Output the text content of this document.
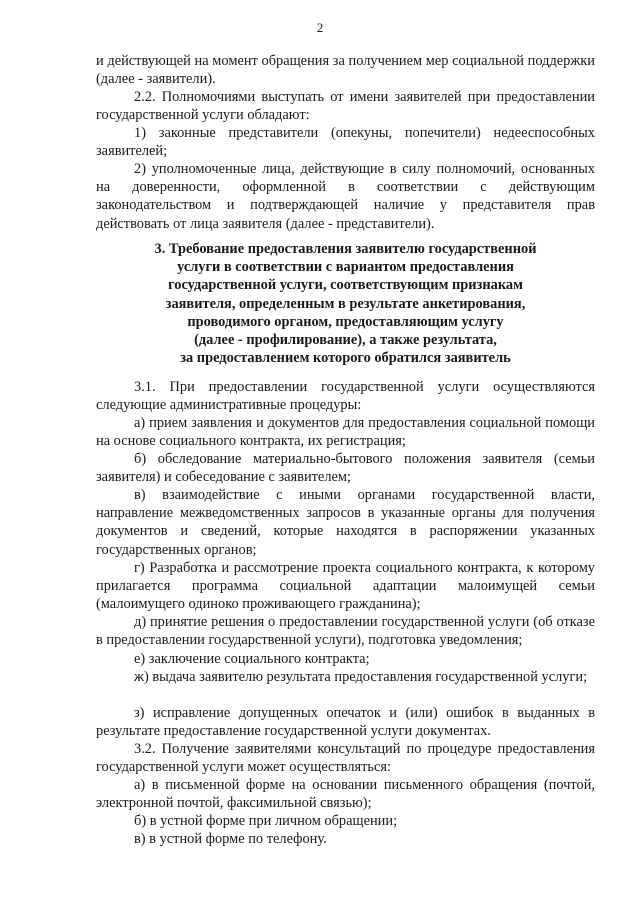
2

и действующей на момент обращения за получением мер социальной поддержки (далее - заявители).

2.2. Полномочиями выступать от имени заявителей при предоставлении государственной услуги обладают:

1) законные представители (опекуны, попечители) недееспособных заявителей;

2) уполномоченные лица, действующие в силу полномочий, основанных на доверенности, оформленной в соответствии с действующим законодательством и подтверждающей наличие у представителя прав действовать от лица заявителя (далее - представители).

3. Требование предоставления заявителю государственной
услуги в соответствии с вариантом предоставления
государственной услуги, соответствующим признакам
заявителя, определенным в результате анкетирования,
проводимого органом, предоставляющим услугу
(далее - профилирование), а также результата,
за предоставлением которого обратился заявитель

3.1. При предоставлении государственной услуги осуществляются следующие административные процедуры:

а) прием заявления и документов для предоставления социальной помощи на основе социального контракта, их регистрация;

б) обследование материально-бытового положения заявителя (семьи заявителя) и собеседование с заявителем;

в) взаимодействие с иными органами государственной власти, направление межведомственных запросов в указанные органы для получения документов и сведений, которые находятся в распоряжении указанных государственных органов;

г) Разработка и рассмотрение проекта социального контракта, к которому прилагается программа социальной адаптации малоимущей семьи (малоимущего одиноко проживающего гражданина);

д) принятие решения о предоставлении государственной услуги (об отказе в предоставлении государственной услуги), подготовка уведомления;

е) заключение социального контракта;

ж) выдача заявителю результата предоставления государственной услуги;

з) исправление допущенных опечаток и (или) ошибок в выданных в результате предоставление государственной услуги документах.

3.2. Получение заявителями консультаций по процедуре предоставления государственной услуги может осуществляться:

а) в письменной форме на основании письменного обращения (почтой, электронной почтой, факсимильной связью);

б) в устной форме при личном обращении;

в) в устной форме по телефону.
